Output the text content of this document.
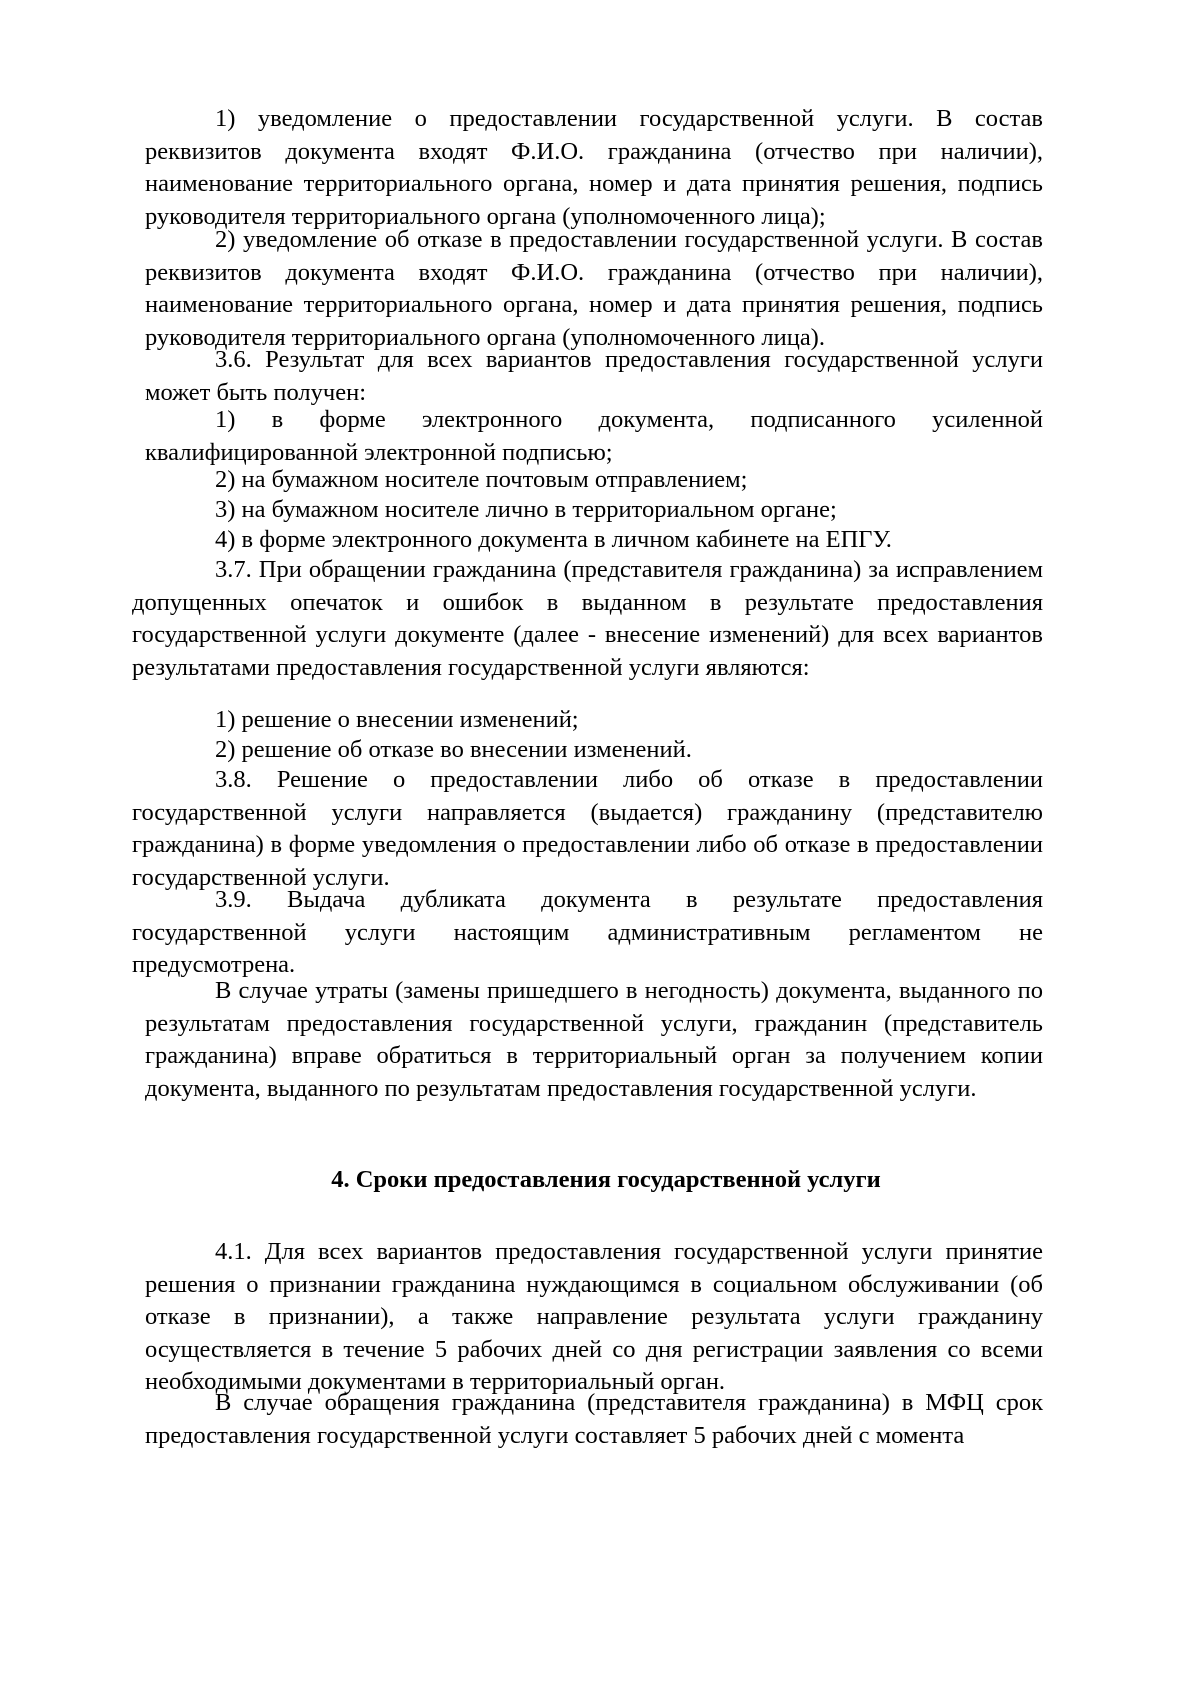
1) уведомление о предоставлении государственной услуги. В состав реквизитов документа входят Ф.И.О. гражданина (отчество при наличии), наименование территориального органа, номер и дата принятия решения, подпись руководителя территориального органа (уполномоченного лица);

2) уведомление об отказе в предоставлении государственной услуги. В состав реквизитов документа входят Ф.И.О. гражданина (отчество при наличии), наименование территориального органа, номер и дата принятия решения, подпись руководителя территориального органа (уполномоченного лица).

3.6. Результат для всех вариантов предоставления государственной услуги может быть получен:

1) в форме электронного документа, подписанного усиленной квалифицированной электронной подписью;

2) на бумажном носителе почтовым отправлением;

3) на бумажном носителе лично в территориальном органе;

4) в форме электронного документа в личном кабинете на ЕПГУ.

3.7. При обращении гражданина (представителя гражданина) за исправлением допущенных опечаток и ошибок в выданном в результате предоставления государственной услуги документе (далее - внесение изменений) для всех вариантов результатами предоставления государственной услуги являются:

1) решение о внесении изменений;

2) решение об отказе во внесении изменений.

3.8. Решение о предоставлении либо об отказе в предоставлении государственной услуги направляется (выдается) гражданину (представителю гражданина) в форме уведомления о предоставлении либо об отказе в предоставлении государственной услуги.

3.9. Выдача дубликата документа в результате предоставления государственной услуги настоящим административным регламентом не предусмотрена.

В случае утраты (замены пришедшего в негодность) документа, выданного по результатам предоставления государственной услуги, гражданин (представитель гражданина) вправе обратиться в территориальный орган за получением копии документа, выданного по результатам предоставления государственной услуги.

4. Сроки предоставления государственной услуги

4.1. Для всех вариантов предоставления государственной услуги принятие решения о признании гражданина нуждающимся в социальном обслуживании (об отказе в признании), а также направление результата услуги гражданину осуществляется в течение 5 рабочих дней со дня регистрации заявления со всеми необходимыми документами в территориальный орган.

В случае обращения гражданина (представителя гражданина) в МФЦ срок предоставления государственной услуги составляет 5 рабочих дней с момента
